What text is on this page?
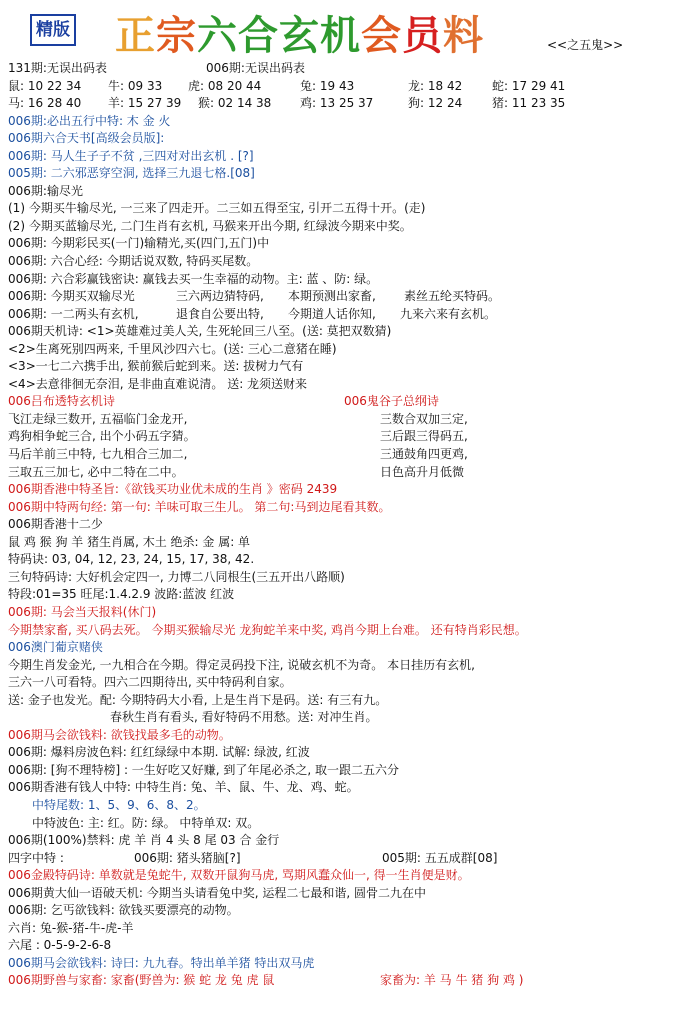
精版 正宗六合玄机会员料	<<之五鬼>>
131期:无误出码表	006期:无误出码表
鼠: 10 22 34 牛: 09 33 虎: 08 20 44	兔: 19 43	龙: 18 42 蛇: 17 29 41
马: 16 28 40 羊: 15 27 39 猴: 02 14 38 鸡: 13 25 37	狗: 12 24 猪: 11 23 35
006期:必出五行中特: 木 金 火
006期六合天书[高级会员版]:
006期: 马人生子子不贫 ,三四对对出玄机 . [?]
005期: 二六邪恶穿空洞, 选择三九退七格.[08]
006期:输尽光
(1) 今期买牛输尽光, 一三来了四走开。二三如五得至宝, 引开二五得十开。(走)
(2) 今期买蓝输尽光, 二门生肖有玄机, 马猴来开出今期, 红绿波今期来中奖。
006期: 今期彩民买(一门)输精光,买(四门,五门)中
006期: 六合心经: 今期话说双数, 特码买尾数。
006期: 六合彩赢钱密诀: 赢钱去买一生幸福的动物。主: 蓝 、防: 绿。
006期: 今期买双输尽光	三六两边猜特码, 本期预测出家畜, 素丝五纶买特码。
006期: 一二两头有玄机,	退食自公要出特, 今期道人话你知, 九来六来有玄机。
006期天机诗: <1>英雄难过美人关, 生死轮回三八至。(送: 莫把双数猜)
<2>生离死别四两来, 千里风沙四六七。(送: 三心二意猪在睡)
<3>一七二六携手出, 猴前猴后蛇到来。送: 拔树力气有
<4>去意徘徊无奈泪, 是非曲直难说清。 送: 龙须送财来
006吕布透特玄机诗	006鬼谷子总纲诗
飞江走绿三数开, 五福临门金龙开,	三数合双加三定,
鸡狗相争蛇三合, 出个小码五字猜。	三后跟三得码五,
马后羊前三中特, 七九相合三加二,	三通鼓角四更鸡,
三取五三加七, 必中二特在二中。	日色高升月低微
006期香港中特圣旨:《欲钱买功业优未成的生肖 》密码 2439
006期中特两句经: 第一句: 羊味可取三生儿。 第二句:马到边尾看其数。
006期香港十二少
鼠 鸡 猴 狗 羊 猪生肖属, 木土 绝杀: 金 属: 单
特码诀: 03, 04, 12, 23, 24, 15, 17, 38, 42.
三句特码诗: 大好机会定四一, 力博二八同根生(三五开出八路顺)
特段:01=35 旺尾:1.4.2.9 波路:蓝波 红波
006期: 马会当天报料(休门)
今期禁家畜, 买八码去死。 今期买猴输尽光 龙狗蛇羊来中奖, 鸡肖今期上台难。 还有特肖彩民想。
006澳门葡京赌侠
今期生肖发金光, 一九相合在今期。得定灵码投下注, 说破玄机不为奇。 本日挂历有玄机,
三六一八可看特。四六二四期待出, 买中特码利自家。
送: 金子也发光。配: 今期特码大小看, 上是生肖下是码。送: 有三有九。
春秋生肖有看头, 看好特码不用愁。送: 对冲生肖。
006期马会欲钱料: 欲钱找最多毛的动物。
006期: 爆料房波色料: 红红绿绿中本期. 试解: 绿波, 红波
006期: [狗不理特榜] : 一生好吃又好赚, 到了年尾必杀之, 取一跟二五六分
006期香港有钱人中特: 中特生肖: 兔、羊、鼠、牛、龙、鸡、蛇。
中特尾数: 1、5、9、6、8、2。
中特波色: 主: 红。防: 绿。 中特单双: 双。
006期(100%)禁料: 虎 羊 肖 4 头 8 尾 03 合 金行
四字中特 :	006期: 猪头猪脑[?]	005期: 五五成群[08]
006金殿特码诗: 单数就是兔蛇牛, 双数开鼠狗马虎, 骂期风蠢众仙一, 得一生肖便是财。
006期黄大仙一语破天机: 今期当头请看兔中奖, 运程二七最和谐, 圆骨二九在中
006期: 乞丐欲钱料: 欲钱买要漂亮的动物。
六肖: 兔-猴-猪-牛-虎-羊
六尾 : 0-5-9-2-6-8
006期马会欲钱料: 诗曰: 九九春。特出单羊猪 特出双马虎
006期野兽与家畜: 家畜(野兽为: 猴 蛇 龙 兔 虎 鼠	家畜为: 羊 马 牛 猪 狗 鸡 )
